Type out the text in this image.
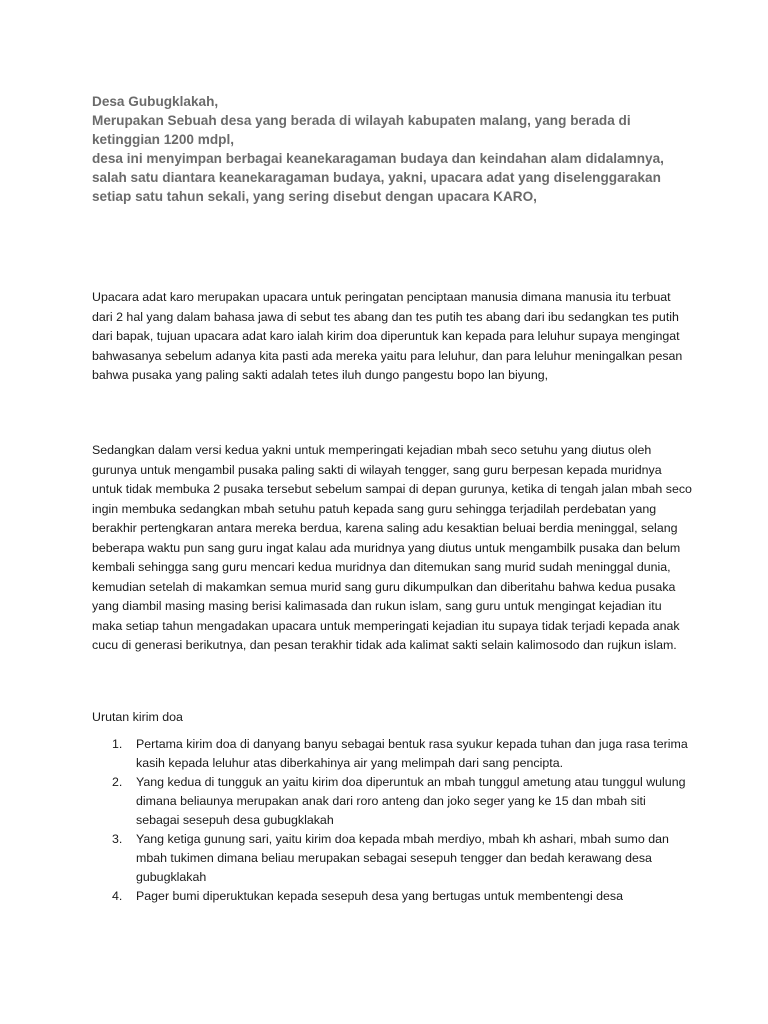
Desa Gubugklakah,

Merupakan Sebuah desa yang berada di wilayah kabupaten malang, yang berada di ketinggian 1200 mdpl,

desa ini menyimpan berbagai keanekaragaman budaya dan keindahan alam didalamnya,

salah satu diantara keanekaragaman budaya, yakni, upacara adat yang diselenggarakan setiap satu tahun sekali, yang sering disebut dengan upacara KARO,

Upacara adat karo merupakan upacara untuk peringatan penciptaan manusia dimana manusia itu terbuat dari 2 hal yang dalam bahasa jawa di sebut tes abang dan tes putih tes abang dari ibu sedangkan tes putih dari bapak, tujuan upacara adat karo ialah kirim doa diperuntuk kan kepada para leluhur supaya mengingat bahwasanya sebelum adanya kita pasti ada mereka yaitu para leluhur, dan para leluhur meningalkan pesan bahwa pusaka yang paling sakti adalah tetes iluh dungo pangestu bopo lan biyung,

Sedangkan dalam versi kedua yakni untuk memperingati kejadian mbah seco setuhu yang diutus oleh gurunya untuk mengambil pusaka paling sakti di wilayah tengger, sang guru berpesan kepada muridnya untuk tidak membuka 2 pusaka tersebut sebelum sampai di depan gurunya, ketika di tengah jalan mbah seco ingin membuka sedangkan mbah setuhu patuh kepada sang guru sehingga terjadilah perdebatan yang berakhir pertengkaran antara mereka berdua, karena saling adu kesaktian beluai berdia meninggal, selang beberapa waktu pun sang guru ingat kalau ada muridnya yang diutus untuk mengambilk pusaka dan belum kembali sehingga sang guru mencari kedua muridnya dan ditemukan sang murid sudah meninggal dunia, kemudian setelah di makamkan semua murid sang guru dikumpulkan dan diberitahu bahwa kedua pusaka yang diambil masing masing berisi kalimasada dan rukun islam, sang guru untuk mengingat kejadian itu maka setiap tahun mengadakan upacara untuk memperingati kejadian itu supaya tidak terjadi kepada anak cucu di generasi berikutnya, dan pesan terakhir tidak ada kalimat sakti selain kalimosodo dan rujkun islam.

Urutan kirim doa

1. Pertama kirim doa di danyang banyu sebagai bentuk rasa syukur kepada tuhan dan juga rasa terima kasih kepada leluhur atas diberkahinya air yang melimpah dari sang pencipta.
2. Yang kedua di tungguk an yaitu kirim doa diperuntuk an mbah tunggul ametung atau tunggul wulung dimana beliaunya merupakan anak dari roro anteng dan joko seger yang ke 15 dan mbah siti sebagai sesepuh desa gubugklakah
3. Yang ketiga gunung sari, yaitu kirim doa kepada mbah merdiyo, mbah kh ashari, mbah sumo dan mbah tukimen dimana beliau merupakan sebagai sesepuh tengger dan bedah kerawang desa gubugklakah
4. Pager bumi diperuktukan kepada sesepuh desa yang bertugas untuk membentengi desa
